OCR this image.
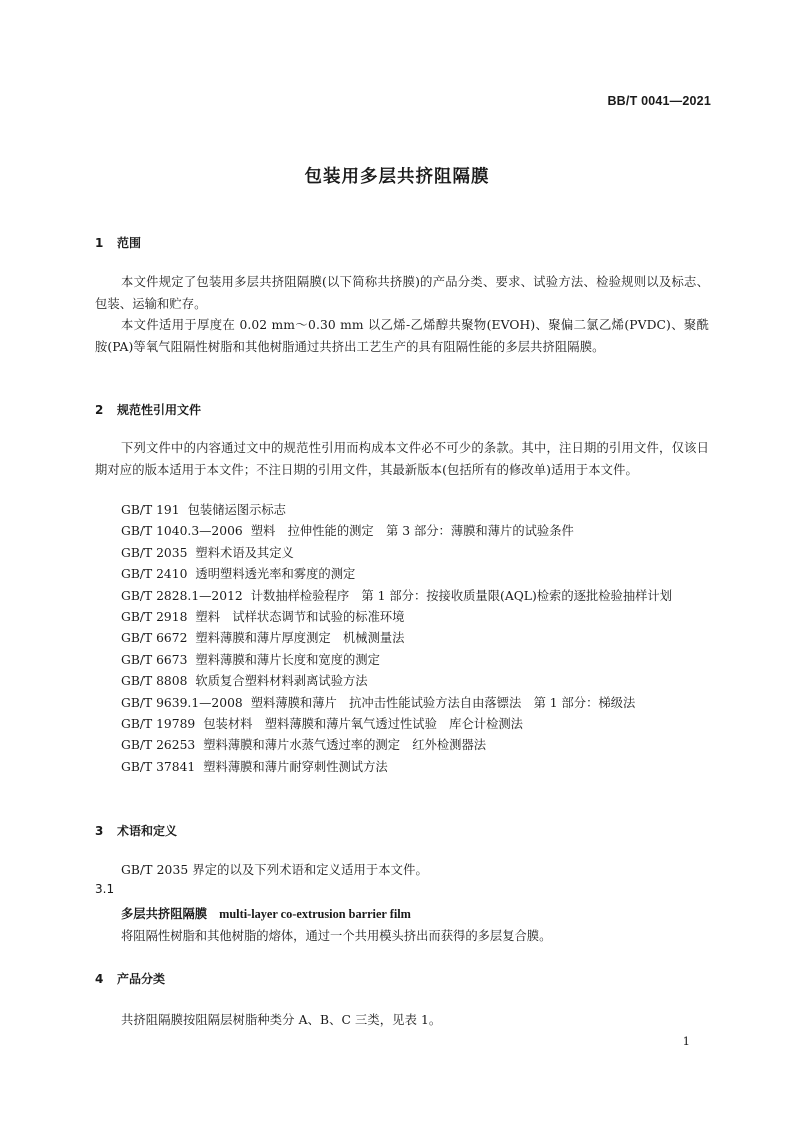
BB/T 0041—2021
包装用多层共挤阻隔膜
1 范围
本文件规定了包装用多层共挤阻隔膜(以下简称共挤膜)的产品分类、要求、试验方法、检验规则以及标志、包装、运输和贮存。
本文件适用于厚度在 0.02 mm～0.30 mm 以乙烯-乙烯醇共聚物(EVOH)、聚偏二氯乙烯(PVDC)、聚酰胺(PA)等氧气阻隔性树脂和其他树脂通过共挤出工艺生产的具有阻隔性能的多层共挤阻隔膜。
2 规范性引用文件
下列文件中的内容通过文中的规范性引用而构成本文件必不可少的条款。其中，注日期的引用文件，仅该日期对应的版本适用于本文件；不注日期的引用文件，其最新版本(包括所有的修改单)适用于本文件。
GB/T 191 包装储运图示标志
GB/T 1040.3—2006 塑料　拉伸性能的测定　第 3 部分：薄膜和薄片的试验条件
GB/T 2035 塑料术语及其定义
GB/T 2410 透明塑料透光率和雾度的测定
GB/T 2828.1—2012 计数抽样检验程序　第 1 部分：按接收质量限(AQL)检索的逐批检验抽样计划
GB/T 2918 塑料　试样状态调节和试验的标准环境
GB/T 6672 塑料薄膜和薄片厚度测定　机械测量法
GB/T 6673 塑料薄膜和薄片长度和宽度的测定
GB/T 8808 软质复合塑料材料剥离试验方法
GB/T 9639.1—2008 塑料薄膜和薄片　抗冲击性能试验方法自由落镖法　第 1 部分：梯级法
GB/T 19789 包装材料　塑料薄膜和薄片氧气透过性试验　库仑计检测法
GB/T 26253 塑料薄膜和薄片水蒸气透过率的测定　红外检测器法
GB/T 37841 塑料薄膜和薄片耐穿刺性测试方法
3 术语和定义
GB/T 2035 界定的以及下列术语和定义适用于本文件。
3.1
多层共挤阻隔膜 multi-layer co-extrusion barrier film
将阻隔性树脂和其他树脂的熔体，通过一个共用模头挤出而获得的多层复合膜。
4 产品分类
共挤阻隔膜按阻隔层树脂种类分 A、B、C 三类，见表 1。
1
